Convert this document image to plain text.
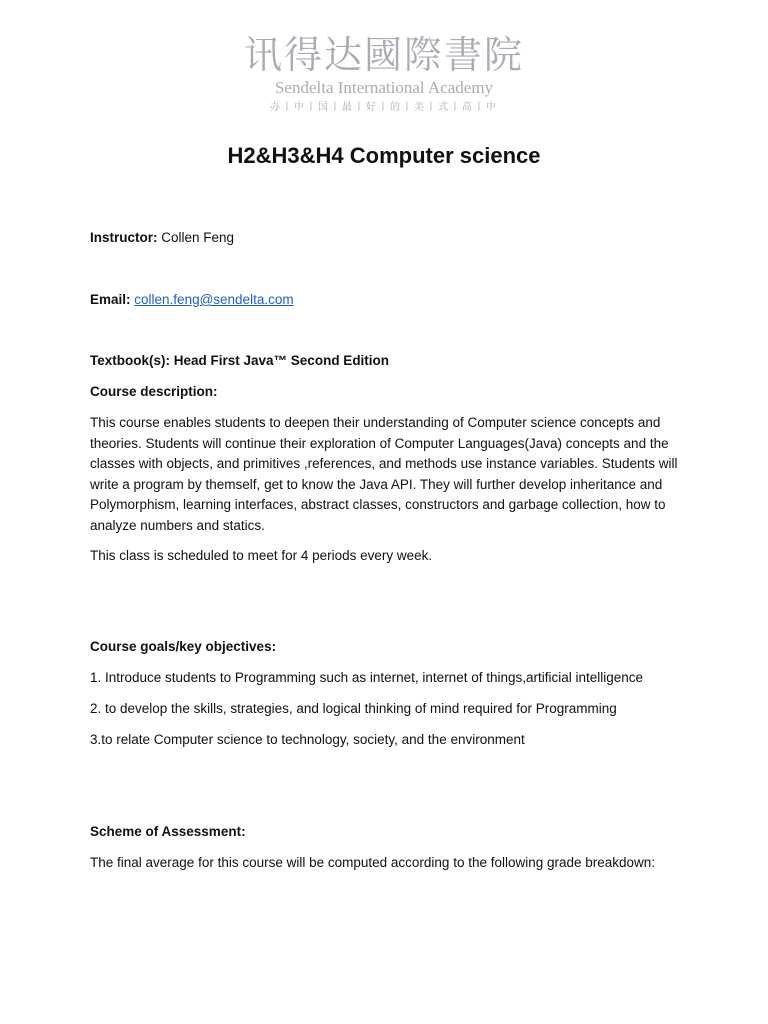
讯得达國際書院
Sendelta International Academy
办丨中丨国丨最丨好丨的丨美丨式丨高丨中
H2&H3&H4 Computer science
Instructor: Collen Feng
Email: collen.feng@sendelta.com
Textbook(s): Head First Java™ Second Edition
Course description:
This course enables students to deepen their understanding of Computer science concepts and theories. Students will continue their exploration of Computer Languages(Java) concepts and the classes with objects, and primitives ,references, and methods use instance variables. Students will write a program by themself, get to know the Java API. They will further develop inheritance and Polymorphism, learning interfaces, abstract classes, constructors and garbage collection, how to analyze numbers and statics.
This class is scheduled to meet for 4 periods every week.
Course goals/key objectives:
1. Introduce students to Programming such as internet, internet of things,artificial intelligence
2. to develop the skills, strategies, and logical thinking of mind required for Programming
3.to relate Computer science to technology, society, and the environment
Scheme of Assessment:
The final average for this course will be computed according to the following grade breakdown:
